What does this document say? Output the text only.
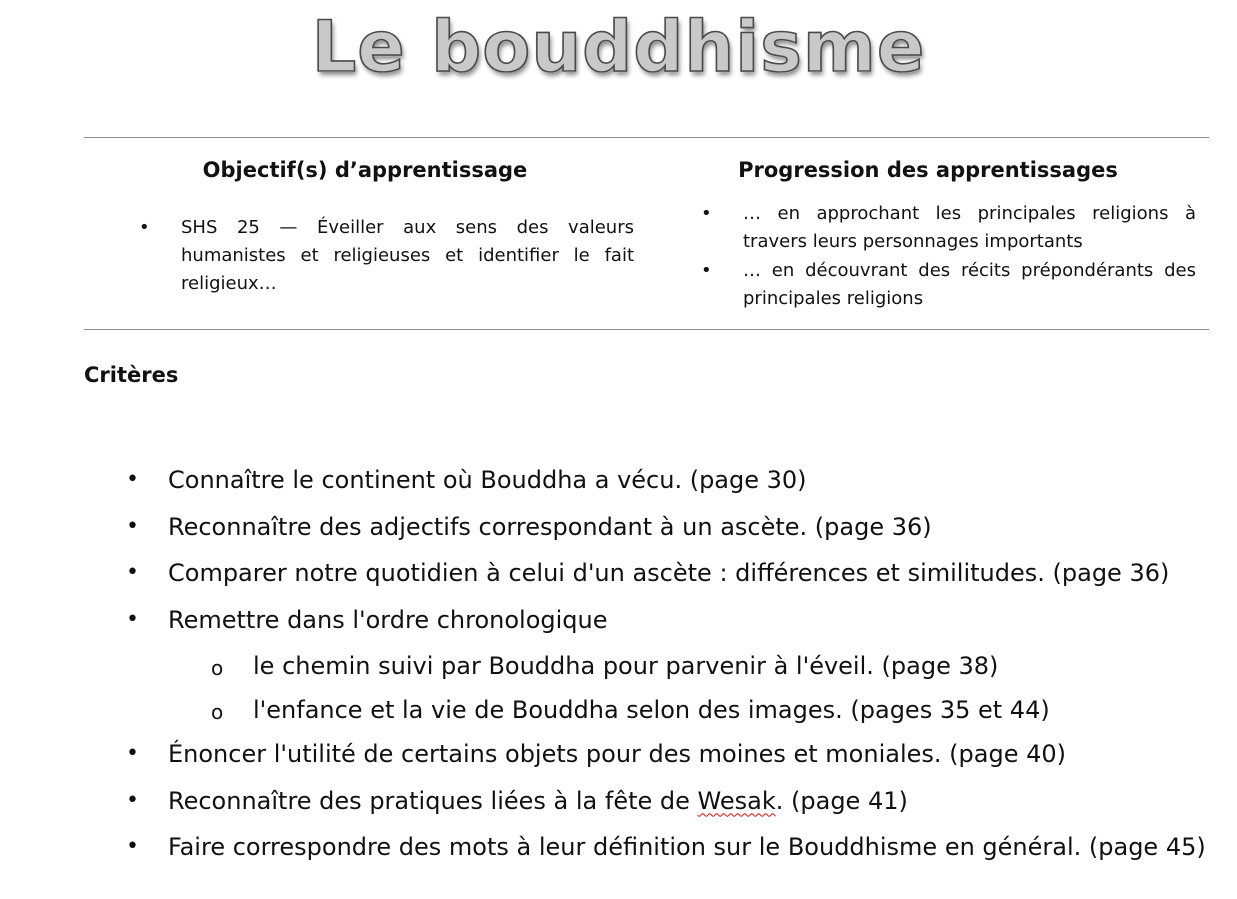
Le bouddhisme
Objectif(s) d’apprentissage	Progression des apprentissages
• SHS 25 — Éveiller aux sens des valeurs humanistes et religieuses et identifier le fait religieux…
• … en approchant les principales religions à travers leurs personnages importants
• … en découvrant des récits prépondérants des principales religions
Critères
• Connaître le continent où Bouddha a vécu. (page 30)
• Reconnaître des adjectifs correspondant à un ascète. (page 36)
• Comparer notre quotidien à celui d'un ascète : différences et similitudes. (page 36)
• Remettre dans l'ordre chronologique
o le chemin suivi par Bouddha pour parvenir à l'éveil. (page 38)
o l'enfance et la vie de Bouddha selon des images. (pages 35 et 44)
• Énoncer l'utilité de certains objets pour des moines et moniales. (page 40)
• Reconnaître des pratiques liées à la fête de Wesak. (page 41)
• Faire correspondre des mots à leur définition sur le Bouddhisme en général. (page 45)
